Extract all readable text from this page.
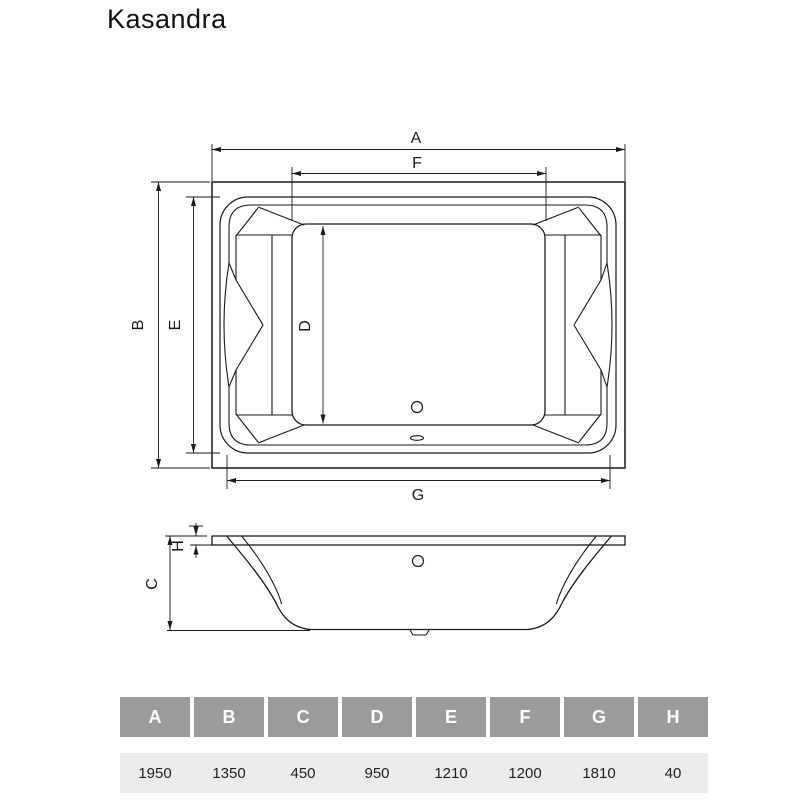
Kasandra
A
F
B E	D
G
C
H
A	B	C	D	E	F	G	H
1950	1350	450	950	1210	1200	1810	40
